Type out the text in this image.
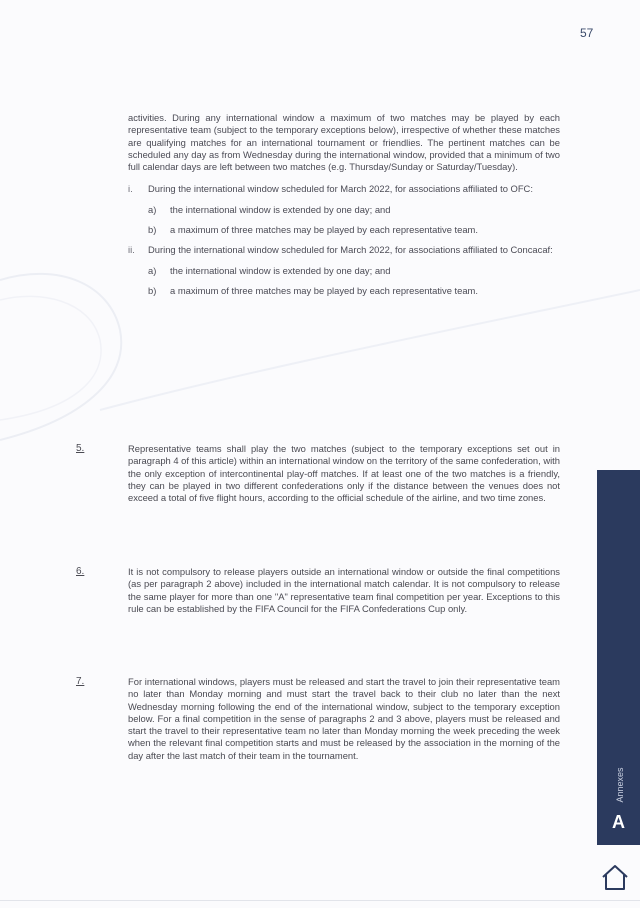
57

activities. During any international window a maximum of two matches may be played by each representative team (subject to the temporary exceptions below), irrespective of whether these matches are qualifying matches for an international tournament or friendlies. The pertinent matches can be scheduled any day as from Wednesday during the international window, provided that a minimum of two full calendar days are left between two matches (e.g. Thursday/Sunday or Saturday/Tuesday).

i.	During the international window scheduled for March 2022, for associations affiliated to OFC:
a) the international window is extended by one day; and
b) a maximum of three matches may be played by each representative team.
ii.	During the international window scheduled for March 2022, for associations affiliated to Concacaf:
a) the international window is extended by one day; and
b) a maximum of three matches may be played by each representative team.
5.	Representative teams shall play the two matches (subject to the temporary exceptions set out in paragraph 4 of this article) within an international window on the territory of the same confederation, with the only exception of intercontinental play-off matches. If at least one of the two matches is a friendly, they can be played in two different confederations only if the distance between the venues does not exceed a total of five flight hours, according to the official schedule of the airline, and two time zones.
6.	It is not compulsory to release players outside an international window or outside the final competitions (as per paragraph 2 above) included in the international match calendar. It is not compulsory to release the same player for more than one "A" representative team final competition per year. Exceptions to this rule can be established by the FIFA Council for the FIFA Confederations Cup only.
7.	For international windows, players must be released and start the travel to join their representative team no later than Monday morning and must start the travel back to their club no later than the next Wednesday morning following the end of the international window, subject to the temporary exception below. For a final competition in the sense of paragraphs 2 and 3 above, players must be released and start the travel to their representative team no later than Monday morning the week preceding the week when the relevant final competition starts and must be released by the association in the morning of the day after the last match of their team in the tournament.
Annexes
A
